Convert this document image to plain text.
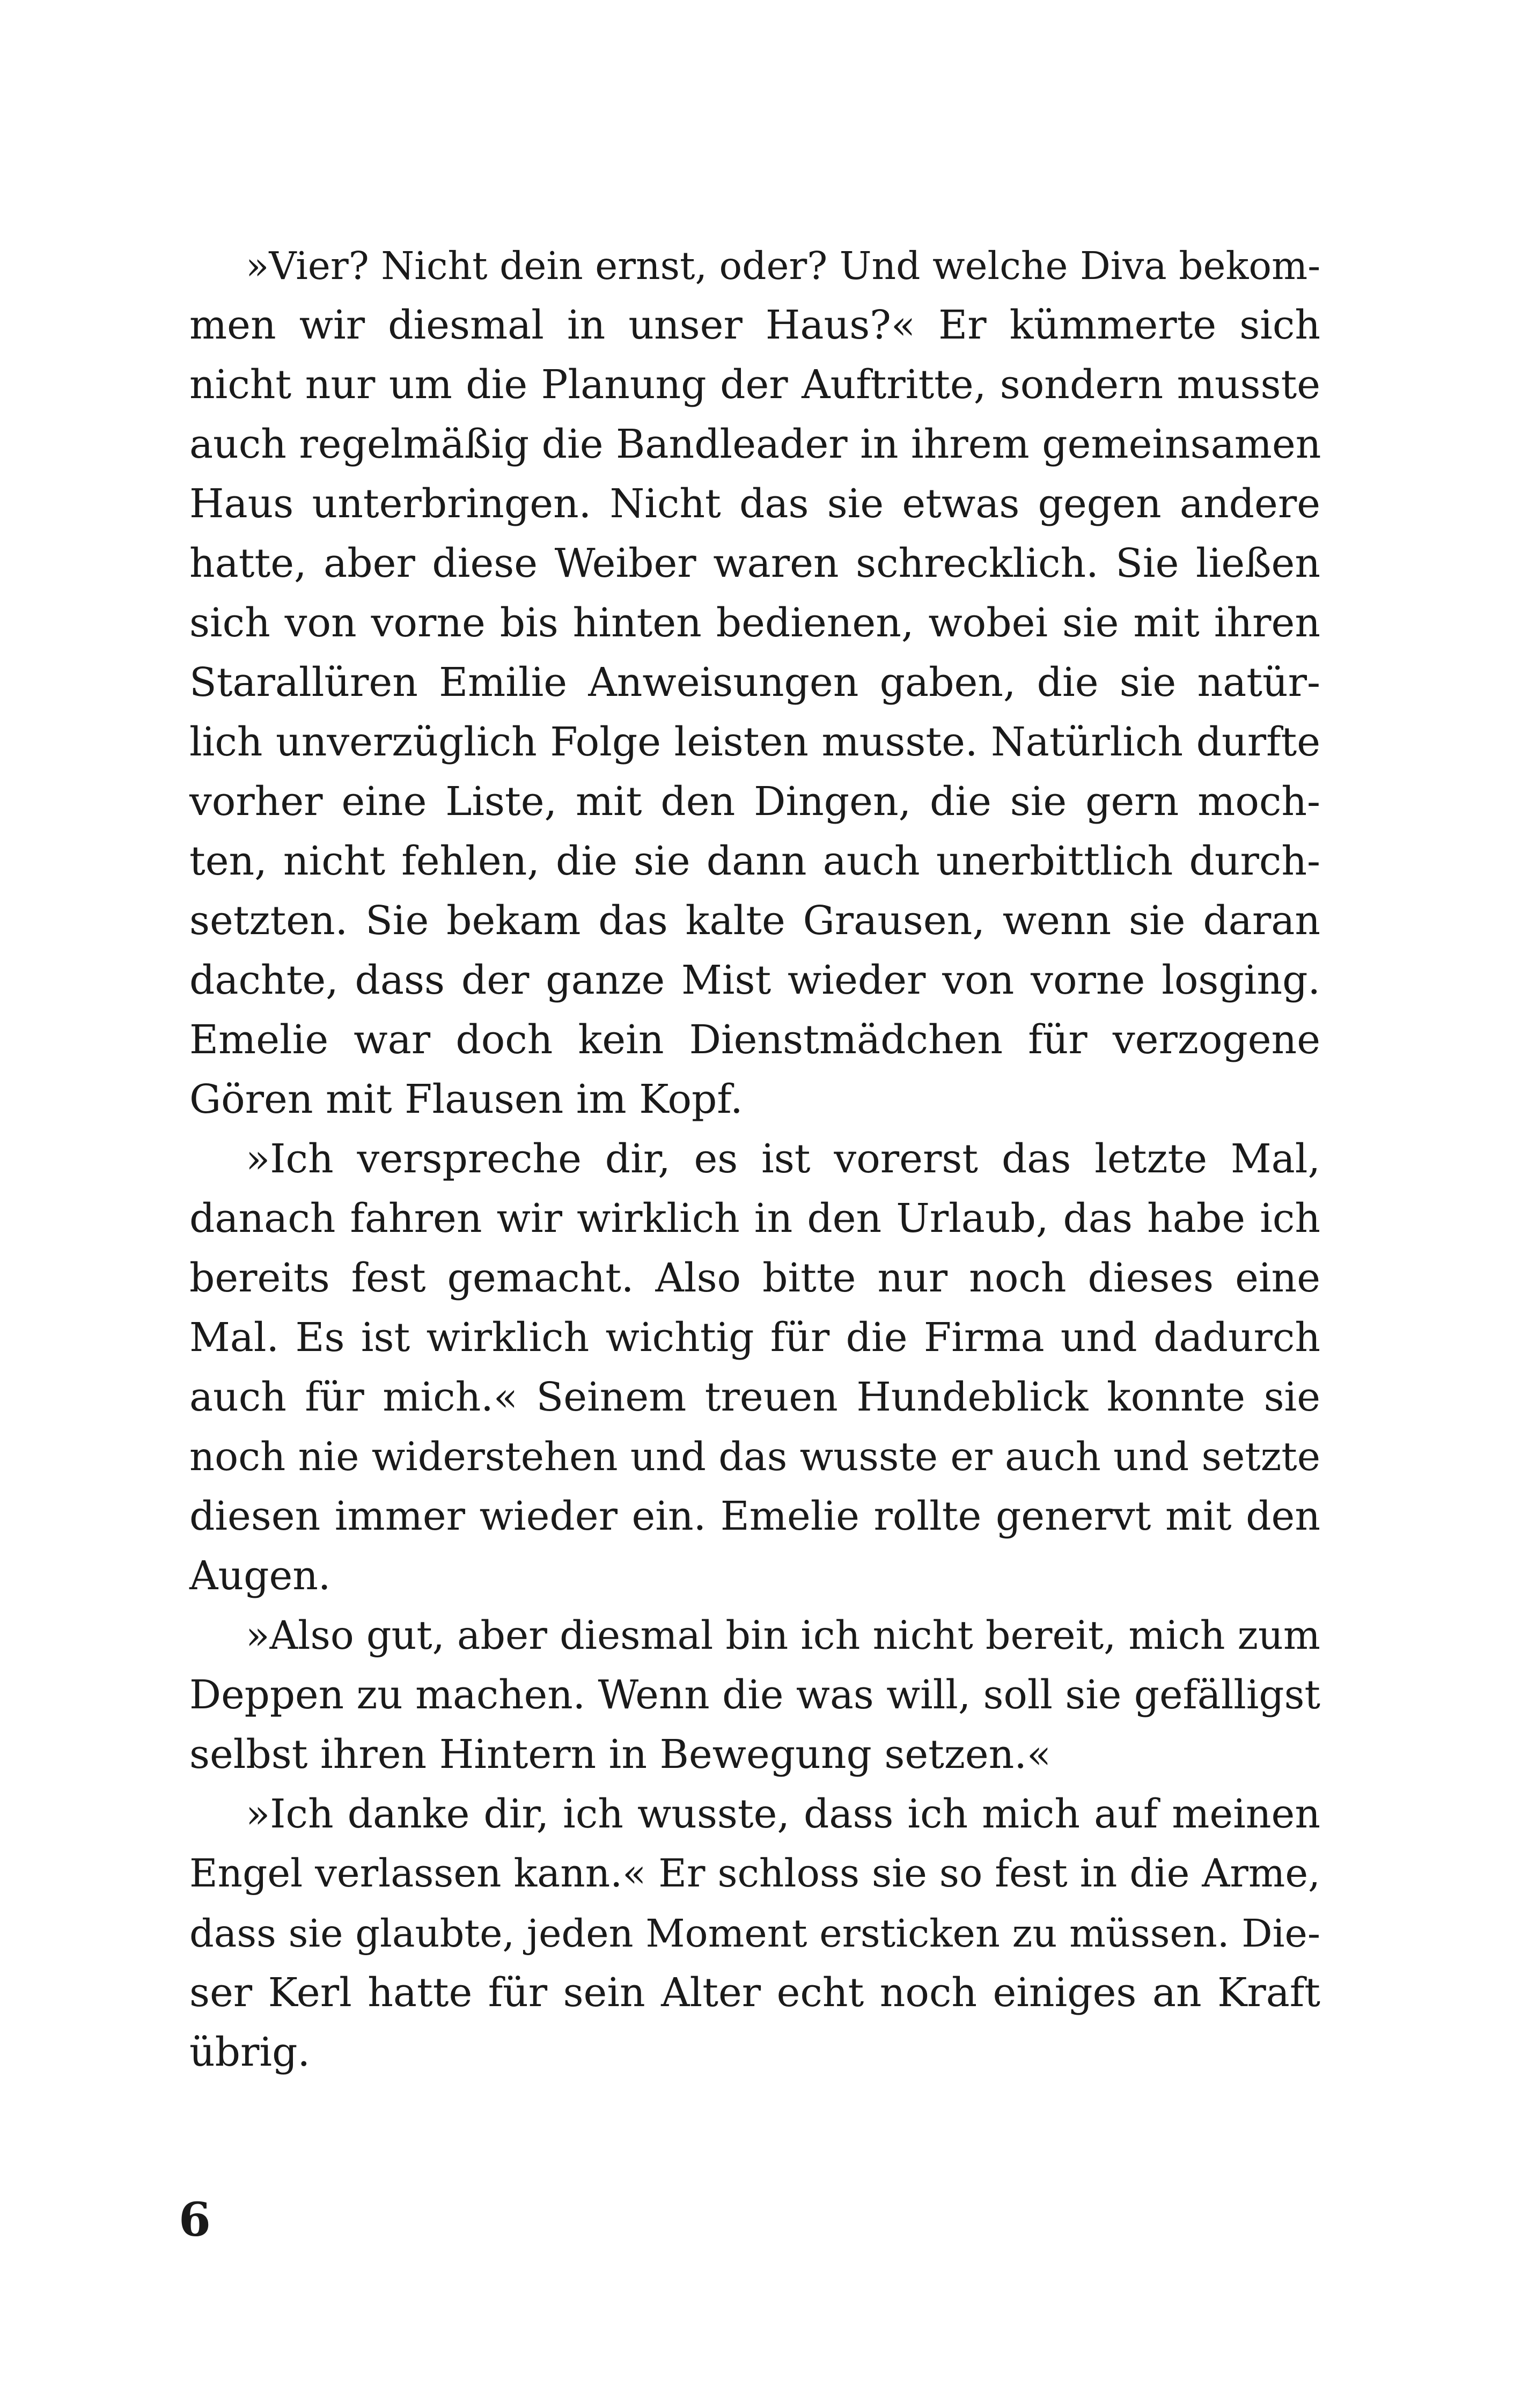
»Vier? Nicht dein ernst, oder? Und welche Diva bekom-
men wir diesmal in unser Haus?« Er kümmerte sich
nicht nur um die Planung der Auftritte, sondern musste
auch regelmäßig die Bandleader in ihrem gemeinsamen
Haus unterbringen. Nicht das sie etwas gegen andere
hatte, aber diese Weiber waren schrecklich. Sie ließen
sich von vorne bis hinten bedienen, wobei sie mit ihren
Starallüren Emilie Anweisungen gaben, die sie natür-
lich unverzüglich Folge leisten musste. Natürlich durfte
vorher eine Liste, mit den Dingen, die sie gern moch-
ten, nicht fehlen, die sie dann auch unerbittlich durch-
setzten. Sie bekam das kalte Grausen, wenn sie daran
dachte, dass der ganze Mist wieder von vorne losging.
Emelie war doch kein Dienstmädchen für verzogene
Gören mit Flausen im Kopf.
»Ich verspreche dir, es ist vorerst das letzte Mal,
danach fahren wir wirklich in den Urlaub, das habe ich
bereits fest gemacht. Also bitte nur noch dieses eine
Mal. Es ist wirklich wichtig für die Firma und dadurch
auch für mich.« Seinem treuen Hundeblick konnte sie
noch nie widerstehen und das wusste er auch und setzte
diesen immer wieder ein. Emelie rollte genervt mit den
Augen.
»Also gut, aber diesmal bin ich nicht bereit, mich zum
Deppen zu machen. Wenn die was will, soll sie gefälligst
selbst ihren Hintern in Bewegung setzen.«
»Ich danke dir, ich wusste, dass ich mich auf meinen
Engel verlassen kann.« Er schloss sie so fest in die Arme,
dass sie glaubte, jeden Moment ersticken zu müssen. Die-
ser Kerl hatte für sein Alter echt noch einiges an Kraft
übrig.
6
